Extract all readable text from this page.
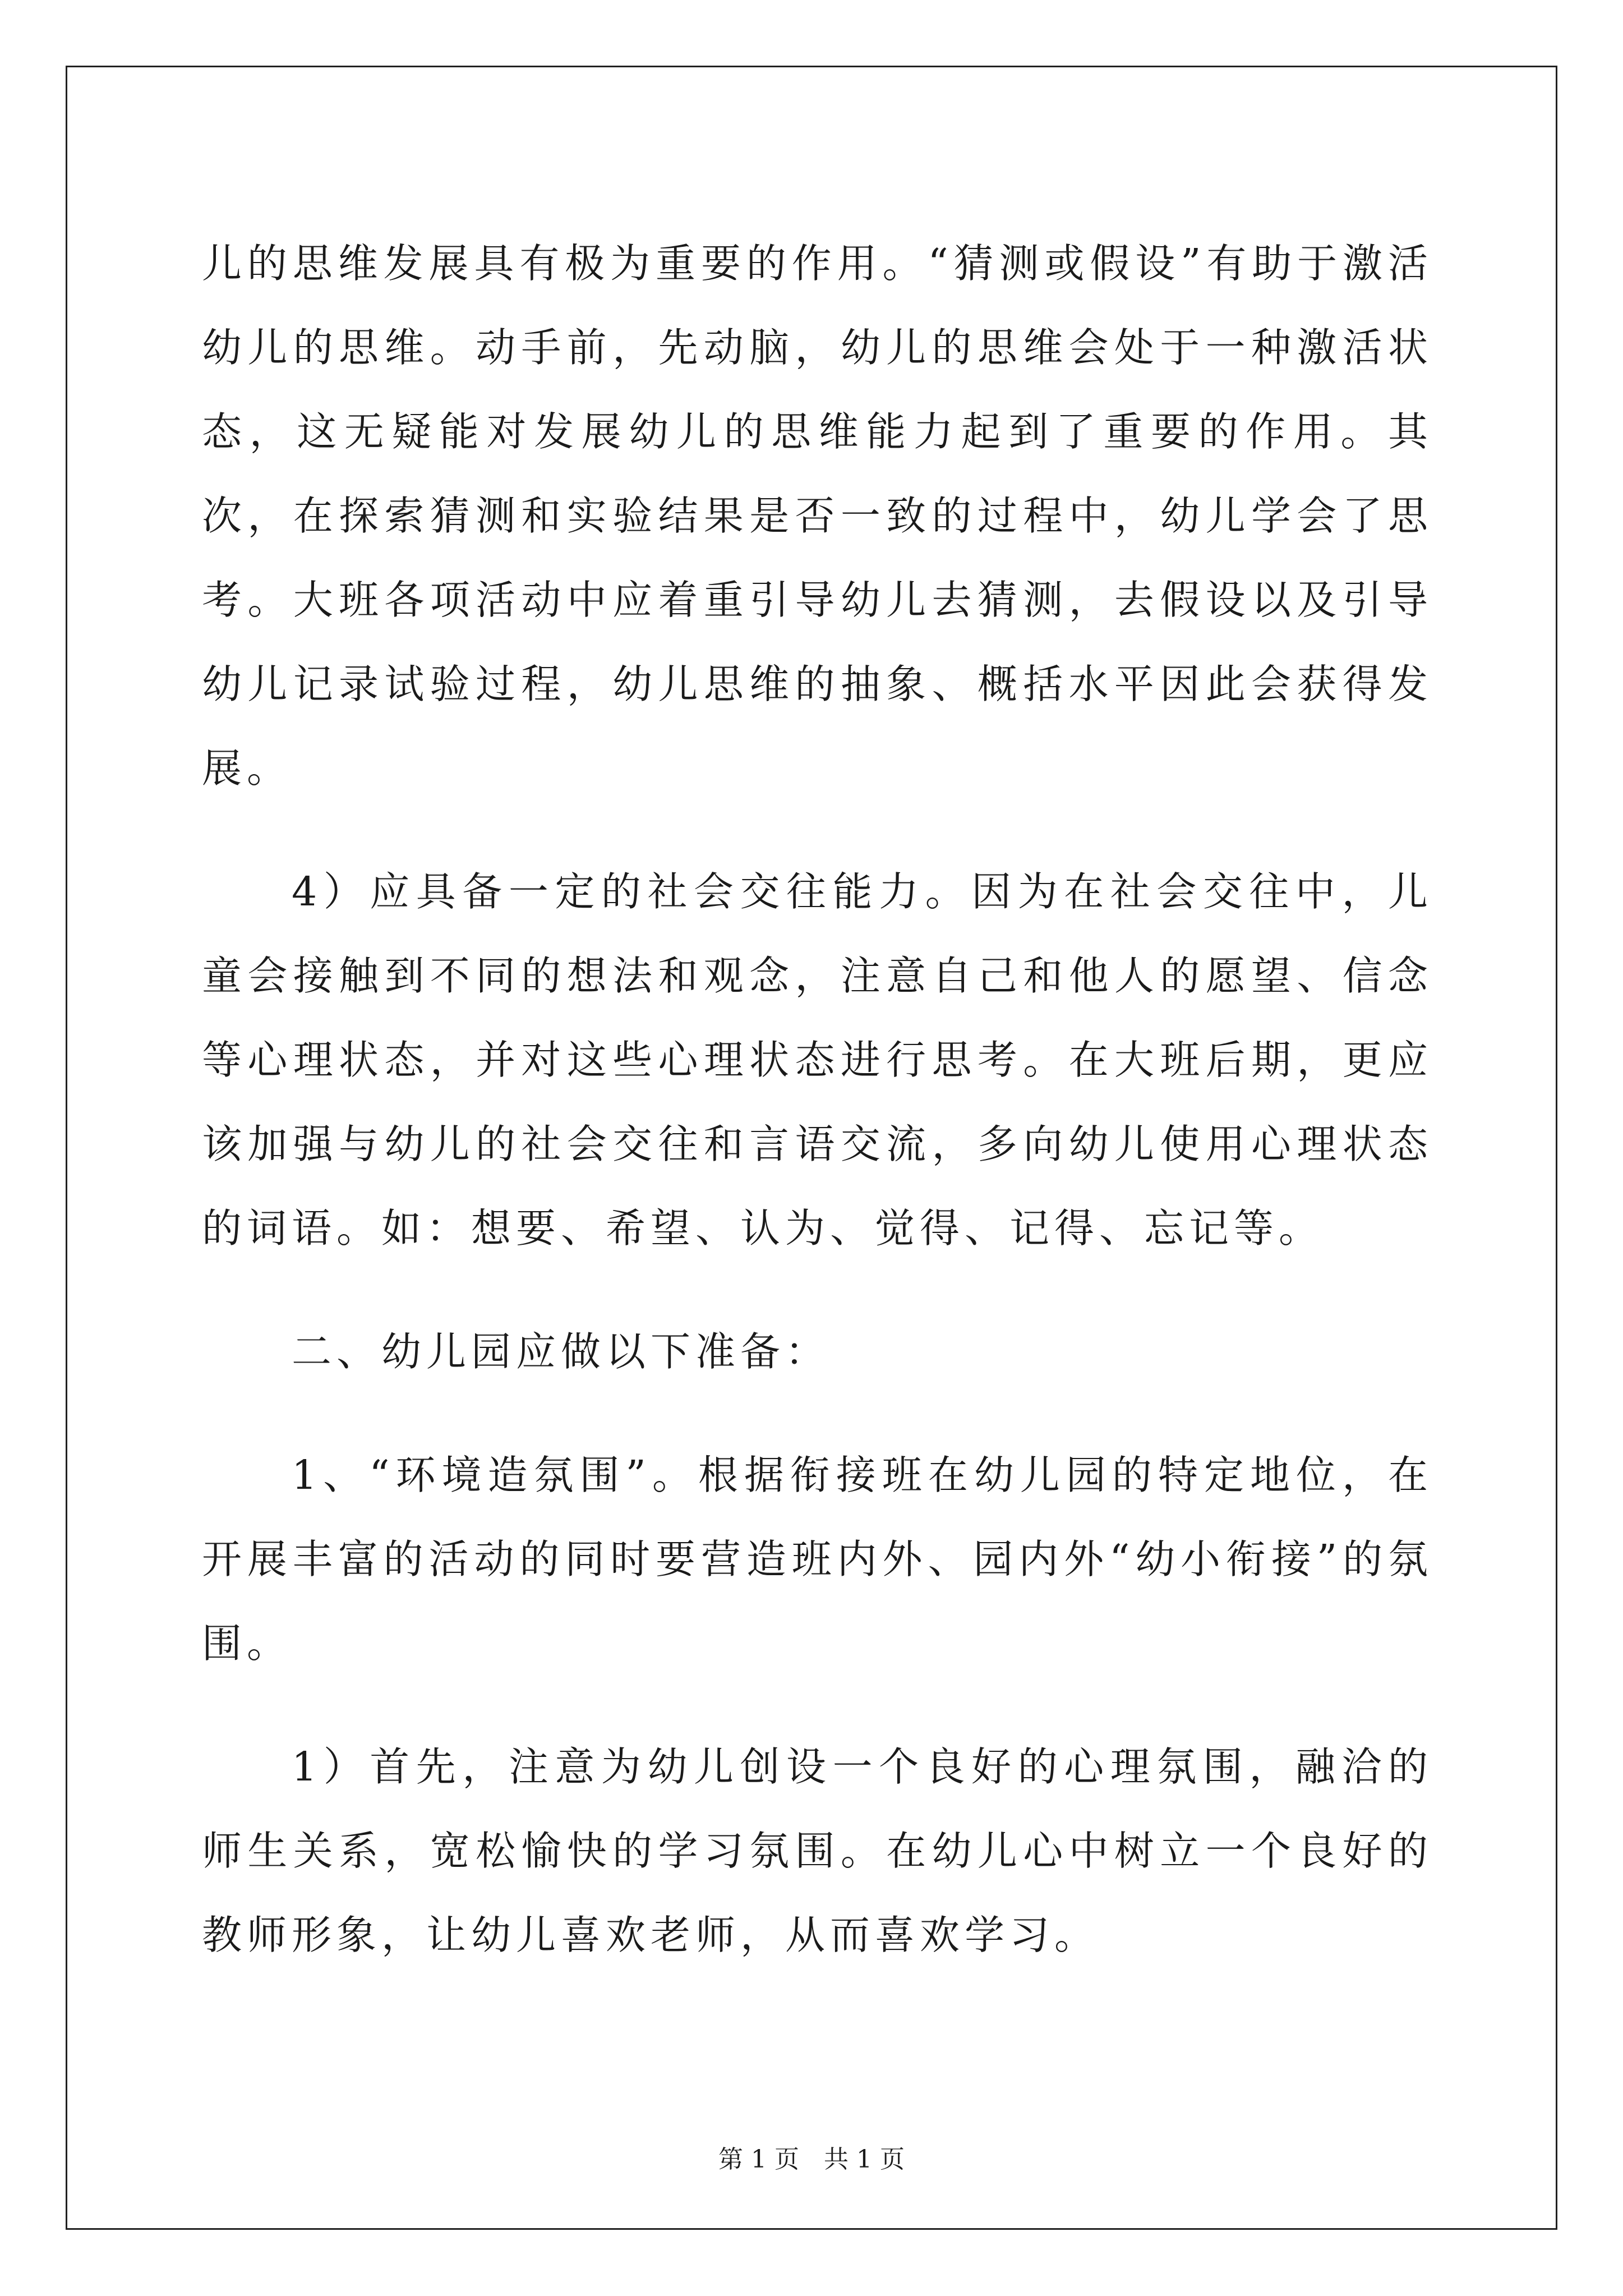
儿的思维发展具有极为重要的作用。“猜测或假设”有助于激活幼儿的思维。动手前，先动脑，幼儿的思维会处于一种激活状态，这无疑能对发展幼儿的思维能力起到了重要的作用。其次，在探索猜测和实验结果是否一致的过程中，幼儿学会了思考。大班各项活动中应着重引导幼儿去猜测，去假设以及引导幼儿记录试验过程，幼儿思维的抽象、概括水平因此会获得发展。

4）应具备一定的社会交往能力。因为在社会交往中，儿童会接触到不同的想法和观念，注意自己和他人的愿望、信念等心理状态，并对这些心理状态进行思考。在大班后期，更应该加强与幼儿的社会交往和言语交流，多向幼儿使用心理状态的词语。如：想要、希望、认为、觉得、记得、忘记等。

二、幼儿园应做以下准备：

1、“环境造氛围”。根据衔接班在幼儿园的特定地位，在开展丰富的活动的同时要营造班内外、园内外“幼小衔接”的氛围。

1）首先，注意为幼儿创设一个良好的心理氛围，融洽的师生关系，宽松愉快的学习氛围。在幼儿心中树立一个良好的教师形象，让幼儿喜欢老师，从而喜欢学习。

第 1 页 共 1 页
